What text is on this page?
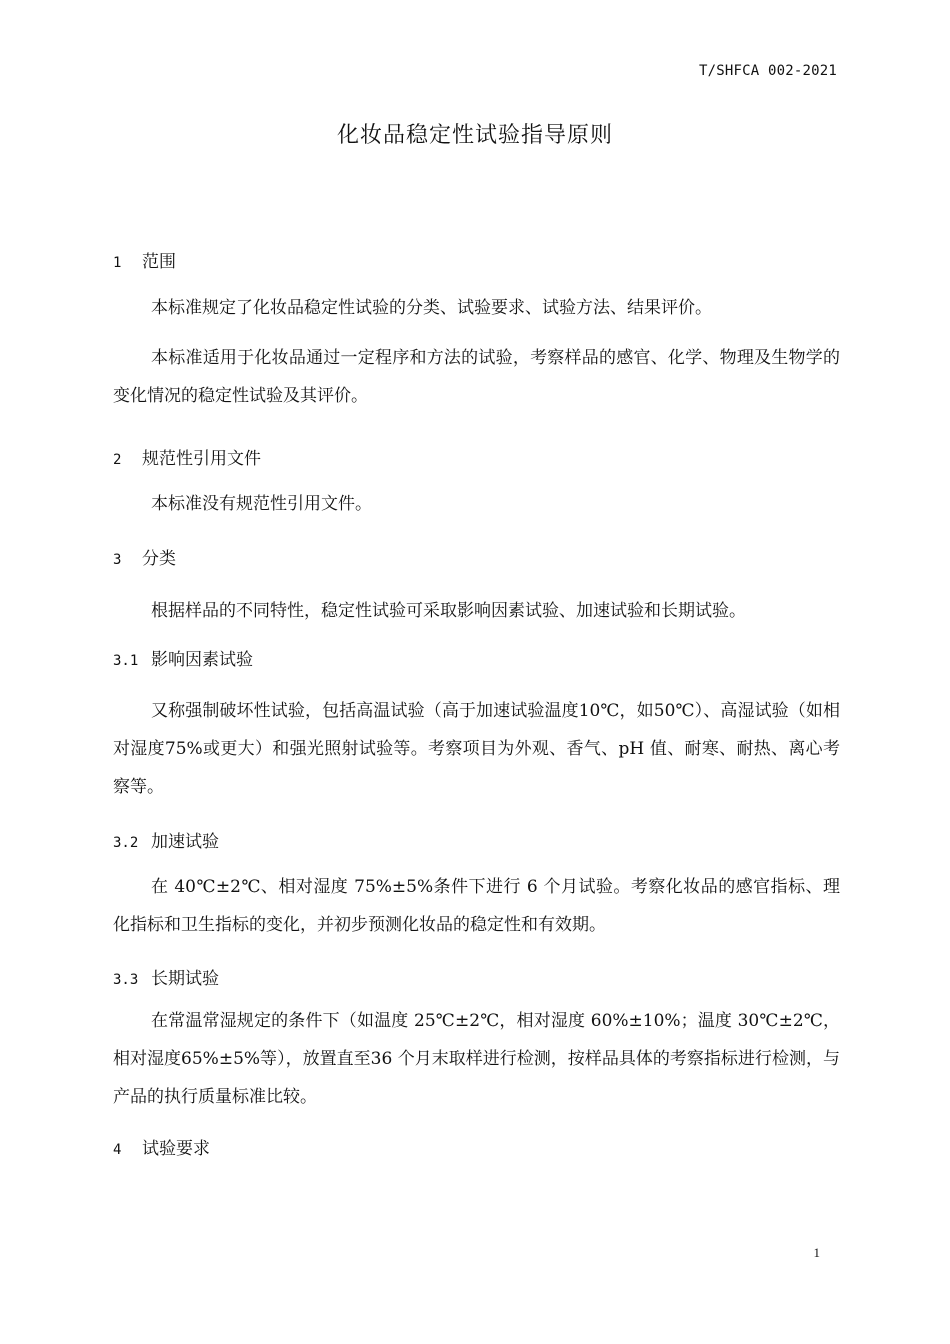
T/SHFCA 002-2021
化妆品稳定性试验指导原则
1 范围
本标准规定了化妆品稳定性试验的分类、试验要求、试验方法、结果评价。
本标准适用于化妆品通过一定程序和方法的试验，考察样品的感官、化学、物理及生物学的变化情况的稳定性试验及其评价。
2 规范性引用文件
本标准没有规范性引用文件。
3 分类
根据样品的不同特性，稳定性试验可采取影响因素试验、加速试验和长期试验。
3.1 影响因素试验
又称强制破坏性试验，包括高温试验（高于加速试验温度10℃，如50℃）、高湿试验（如相对湿度75%或更大）和强光照射试验等。考察项目为外观、香气、pH 值、耐寒、耐热、离心考察等。
3.2 加速试验
在 40℃±2℃、相对湿度 75%±5%条件下进行 6 个月试验。考察化妆品的感官指标、理化指标和卫生指标的变化，并初步预测化妆品的稳定性和有效期。
3.3 长期试验
在常温常湿规定的条件下（如温度 25℃±2℃，相对湿度 60%±10%；温度 30℃±2℃，相对湿度65%±5%等），放置直至36 个月末取样进行检测，按样品具体的考察指标进行检测，与产品的执行质量标准比较。
4 试验要求
1
